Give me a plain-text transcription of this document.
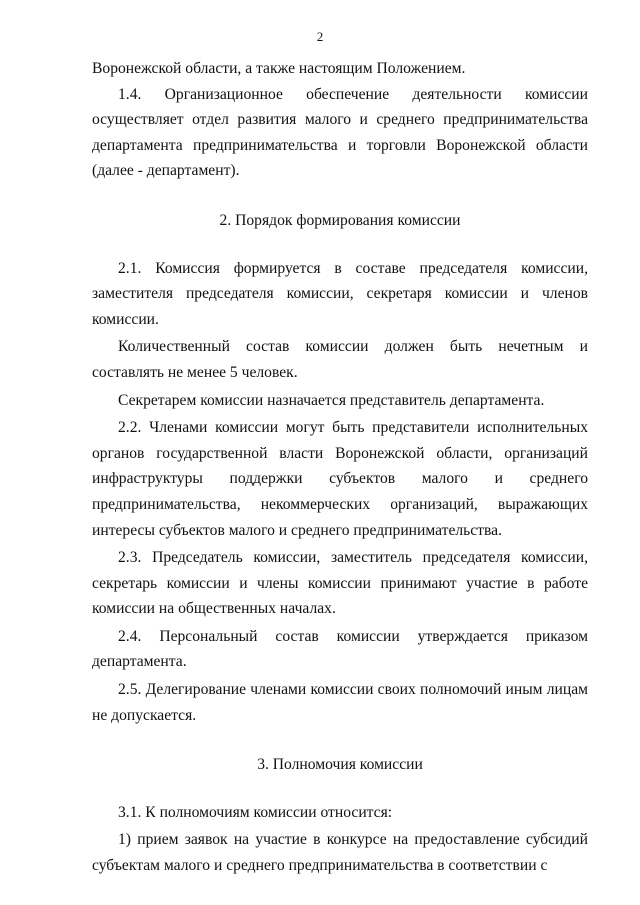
2

Воронежской области, а также настоящим Положением.

1.4. Организационное обеспечение деятельности комиссии осуществляет отдел развития малого и среднего предпринимательства департамента предпринимательства и торговли Воронежской области (далее - департамент).

2. Порядок формирования комиссии

2.1. Комиссия формируется в составе председателя комиссии, заместителя председателя комиссии, секретаря комиссии и членов комиссии.

Количественный состав комиссии должен быть нечетным и составлять не менее 5 человек.

Секретарем комиссии назначается представитель департамента.

2.2. Членами комиссии могут быть представители исполнительных органов государственной власти Воронежской области, организаций инфраструктуры поддержки субъектов малого и среднего предпринимательства, некоммерческих организаций, выражающих интересы субъектов малого и среднего предпринимательства.

2.3. Председатель комиссии, заместитель председателя комиссии, секретарь комиссии и члены комиссии принимают участие в работе комиссии на общественных началах.

2.4. Персональный состав комиссии утверждается приказом департамента.

2.5. Делегирование членами комиссии своих полномочий иным лицам не допускается.

3. Полномочия комиссии

3.1. К полномочиям комиссии относится:

1) прием заявок на участие в конкурсе на предоставление субсидий субъектам малого и среднего предпринимательства в соответствии с
